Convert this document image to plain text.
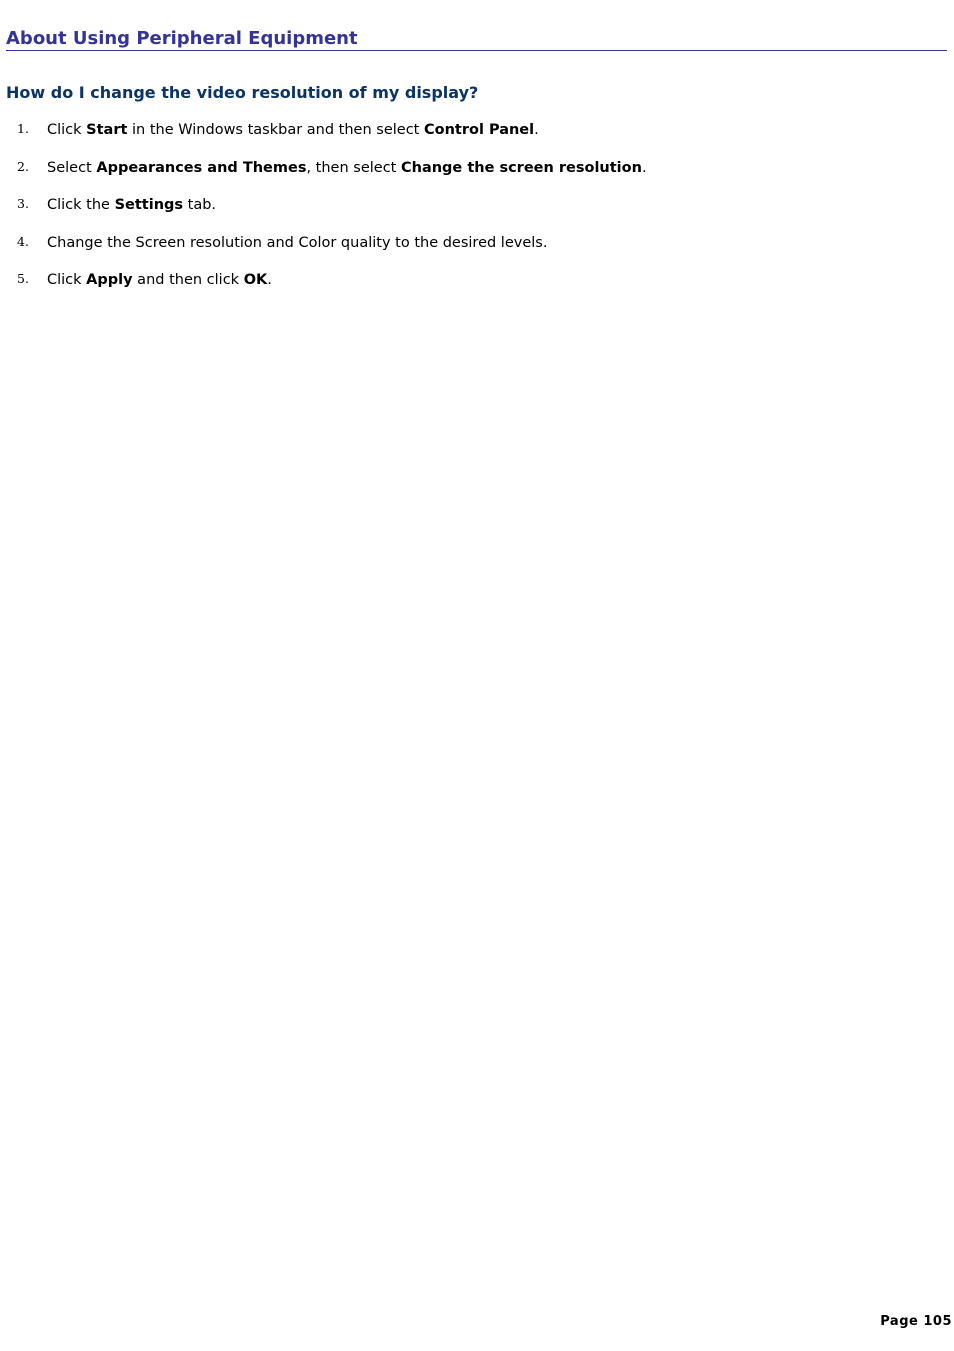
About Using Peripheral Equipment
How do I change the video resolution of my display?
1. Click Start in the Windows taskbar and then select Control Panel.
2. Select Appearances and Themes, then select Change the screen resolution.
3. Click the Settings tab.
4. Change the Screen resolution and Color quality to the desired levels.
5. Click Apply and then click OK.
Page 105
